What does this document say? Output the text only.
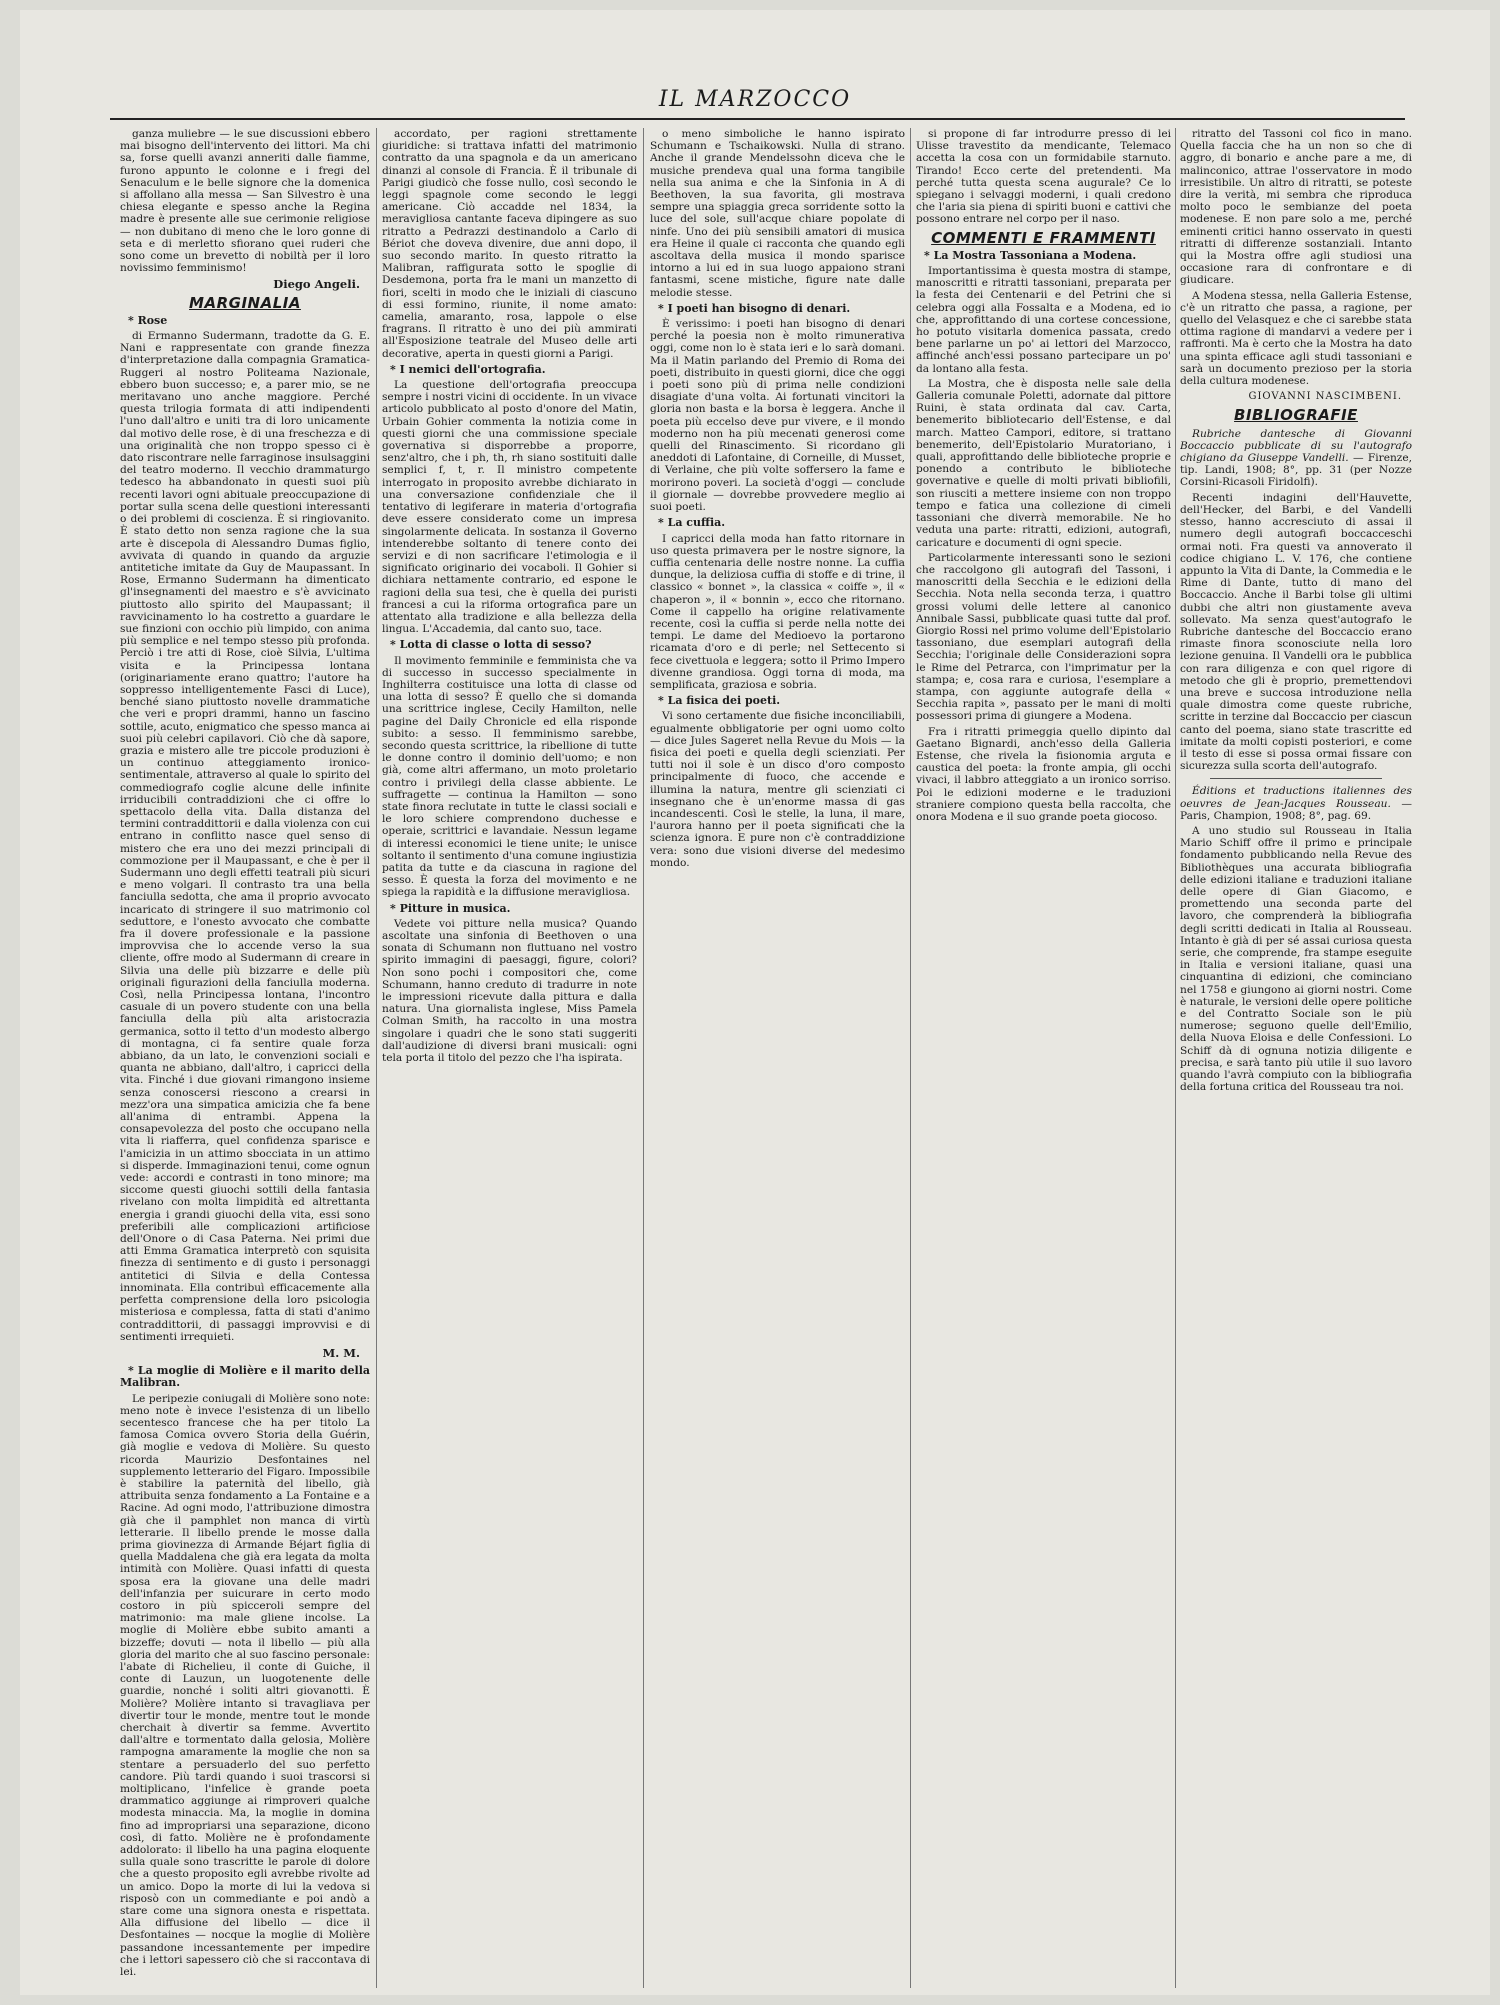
IL MARZOCCO

ganza muliebre — le sue discussioni ebbero mai bisogno dell'intervento dei littori. Ma chi sa, forse quelli avanzi anneriti dalle fiamme, furono appunto le colonne e i fregi del Senaculum e le belle signore che la domenica si affollano alla messa — San Silvestro è una chiesa elegante e spesso anche la Regina madre è presente alle sue cerimonie religiose — non dubitano di meno che le loro gonne di seta e di merletto sfiorano quei ruderi che sono come un brevetto di nobiltà per il loro novissimo femminismo!

Diego Angeli.
MARGINALIA
* Rose

di Ermanno Sudermann, tradotte da G. E. Nani e rappresentate con grande finezza d'interpretazione dalla compagnia Gramatica-Ruggeri al nostro Politeama Nazionale, ebbero buon successo; e, a parer mio, se ne meritavano uno anche maggiore. Perché questa trilogia formata di atti indipendenti l'uno dall'altro e uniti tra di loro unicamente dal motivo delle rose, è di una freschezza e di una originalità che non troppo spesso ci è dato riscontrare nelle farraginose insulsaggini del teatro moderno. Il vecchio drammaturgo tedesco ha abbandonato in questi suoi più recenti lavori ogni abituale preoccupazione di portar sulla scena delle questioni interessanti o dei problemi di coscienza. È si ringiovanito. È stato detto non senza ragione che la sua arte è discepola di Alessandro Dumas figlio, avvivata di quando in quando da arguzie antitetiche imitate da Guy de Maupassant. In Rose, Ermanno Sudermann ha dimenticato gl'insegnamenti del maestro e s'è avvicinato piuttosto allo spirito del Maupassant; il ravvicinamento lo ha costretto a guardare le sue finzioni con occhio più limpido, con anima più semplice e nel tempo stesso più profonda. Perciò i tre atti di Rose, cioè Silvia, L'ultima visita e la Principessa lontana (originariamente erano quattro; l'autore ha soppresso intelligentemente Fasci di Luce), benché siano piuttosto novelle drammatiche che veri e propri drammi, hanno un fascino sottile, acuto, enigmatico che spesso manca ai suoi più celebri capilavori. Ciò che dà sapore, grazia e mistero alle tre piccole produzioni è un continuo atteggiamento ironico-sentimentale, attraverso al quale lo spirito del commediografo coglie alcune delle infinite irriducibili contraddizioni che ci offre lo spettacolo della vita. Dalla distanza del termini contraddittorii e dalla violenza con cui entrano in conflitto nasce quel senso di mistero che era uno dei mezzi principali di commozione per il Maupassant, e che è per il Sudermann uno degli effetti teatrali più sicuri e meno volgari. Il contrasto tra una bella fanciulla sedotta, che ama il proprio avvocato incaricato di stringere il suo matrimonio col seduttore, e l'onesto avvocato che combatte fra il dovere professionale e la passione improvvisa che lo accende verso la sua cliente, offre modo al Sudermann di creare in Silvia una delle più bizzarre e delle più originali figurazioni della fanciulla moderna. Così, nella Principessa lontana, l'incontro casuale di un povero studente con una bella fanciulla della più alta aristocrazia germanica, sotto il tetto d'un modesto albergo di montagna, ci fa sentire quale forza abbiano, da un lato, le convenzioni sociali e quanta ne abbiano, dall'altro, i capricci della vita. Finché i due giovani rimangono insieme senza conoscersi riescono a crearsi in mezz'ora una simpatica amicizia che fa bene all'anima di entrambi. Appena la consapevolezza del posto che occupano nella vita li riafferra, quel confidenza sparisce e l'amicizia in un attimo sbocciata in un attimo si disperde. Immaginazioni tenui, come ognun vede: accordi e contrasti in tono minore; ma siccome questi giuochi sottili della fantasia rivelano con molta limpidità ed altrettanta energia i grandi giuochi della vita, essi sono preferibili alle complicazioni artificiose dell'Onore o di Casa Paterna. Nei primi due atti Emma Gramatica interpretò con squisita finezza di sentimento e di gusto i personaggi antitetici di Silvia e della Contessa innominata. Ella contribuì efficacemente alla perfetta comprensione della loro psicologia misteriosa e complessa, fatta di stati d'animo contraddittorii, di passaggi improvvisi e di sentimenti irrequieti.

M. M.
* La moglie di Molière e il marito della Malibran.

Le peripezie coniugali di Molière sono note: meno note è invece l'esistenza di un libello secentesco francese che ha per titolo La famosa Comica ovvero Storia della Guérin, già moglie e vedova di Molière. Su questo ricorda Maurizio Desfontaines nel supplemento letterario del Figaro. Impossibile è stabilire la paternità del libello, già attribuita senza fondamento a La Fontaine e a Racine. Ad ogni modo, l'attribuzione dimostra già che il pamphlet non manca di virtù letterarie. Il libello prende le mosse dalla prima giovinezza di Armande Béjart figlia di quella Maddalena che già era legata da molta intimità con Molière. Quasi infatti di questa sposa era la giovane una delle madri dell'infanzia per suicurare in certo modo costoro in più spicceroli sempre del matrimonio: ma male gliene incolse. La moglie di Molière ebbe subito amanti a bizzeffe; dovuti — nota il libello — più alla gloria del marito che al suo fascino personale: l'abate di Richelieu, il conte di Guiche, il conte di Lauzun, un luogotenente delle guardie, nonché i soliti altri giovanotti. È Molière? Molière intanto si travagliava per divertir tour le monde, mentre tout le monde cherchait à divertir sa femme. Avvertito dall'altre e tormentato dalla gelosia, Molière rampogna amaramente la moglie che non sa stentare a persuaderlo del suo perfetto candore. Più tardi quando i suoi trascorsi si moltiplicano, l'infelice è grande poeta drammatico aggiunge ai rimproveri qualche modesta minaccia. Ma, la moglie in domina fino ad impropriarsi una separazione, dicono così, di fatto. Molière ne è profondamente addolorato: il libello ha una pagina eloquente sulla quale sono trascritte le parole di dolore che a questo proposito egli avrebbe rivolte ad un amico. Dopo la morte di lui la vedova si risposò con un commediante e poi andò a stare come una signora onesta e rispettata. Alla diffusione del libello — dice il Desfontaines — nocque la moglie di Molière passandone incessantemente per impedire che i lettori sapessero ciò che si raccontava di lei.

accordato, per ragioni strettamente giuridiche: si trattava infatti del matrimonio contratto da una spagnola e da un americano dinanzi al console di Francia. È il tribunale di Parigi giudicò che fosse nullo, così secondo le leggi spagnole come secondo le leggi americane. Ciò accadde nel 1834, la meravigliosa cantante faceva dipingere as suo ritratto a Pedrazzi destinandolo a Carlo di Bériot che doveva divenire, due anni dopo, il suo secondo marito. In questo ritratto la Malibran, raffigurata sotto le spoglie di Desdemona, porta fra le mani un manzetto di fiori, scelti in modo che le iniziali di ciascuno di essi formino, riunite, il nome amato: camelia, amaranto, rosa, lappole o else fragrans. Il ritratto è uno dei più ammirati all'Esposizione teatrale del Museo delle arti decorative, aperta in questi giorni a Parigi.

* I nemici dell'ortografia.

La questione dell'ortografia preoccupa sempre i nostri vicini di occidente. In un vivace articolo pubblicato al posto d'onore del Matin, Urbain Gohier commenta la notizia come in questi giorni che una commissione speciale governativa si disporrebbe a proporre, senz'altro, che i ph, th, rh siano sostituiti dalle semplici f, t, r. Il ministro competente interrogato in proposito avrebbe dichiarato in una conversazione confidenziale che il tentativo di legiferare in materia d'ortografia deve essere considerato come un impresa singolarmente delicata. In sostanza il Governo intenderebbe soltanto di tenere conto dei servizi e di non sacrificare l'etimologia e il significato originario dei vocaboli. Il Gohier si dichiara nettamente contrario, ed espone le ragioni della sua tesi, che è quella dei puristi francesi a cui la riforma ortografica pare un attentato alla tradizione e alla bellezza della lingua. L'Accademia, dal canto suo, tace.

* Lotta di classe o lotta di sesso?

Il movimento femminile e femminista che va di successo in successo specialmente in Inghilterra costituisce una lotta di classe od una lotta di sesso? È quello che si domanda una scrittrice inglese, Cecily Hamilton, nelle pagine del Daily Chronicle ed ella risponde subito: a sesso. Il femminismo sarebbe, secondo questa scrittrice, la ribellione di tutte le donne contro il dominio dell'uomo; e non già, come altri affermano, un moto proletario contro i privilegi della classe abbiente. Le suffragette — continua la Hamilton — sono state finora reclutate in tutte le classi sociali e le loro schiere comprendono duchesse e operaie, scrittrici e lavandaie. Nessun legame di interessi economici le tiene unite; le unisce soltanto il sentimento d'una comune ingiustizia patita da tutte e da ciascuna in ragione del sesso. È questa la forza del movimento e ne spiega la rapidità e la diffusione meravigliosa.

* Pitture in musica.

Vedete voi pitture nella musica? Quando ascoltate una sinfonia di Beethoven o una sonata di Schumann non fluttuano nel vostro spirito immagini di paesaggi, figure, colori? Non sono pochi i compositori che, come Schumann, hanno creduto di tradurre in note le impressioni ricevute dalla pittura e dalla natura. Una giornalista inglese, Miss Pamela Colman Smith, ha raccolto in una mostra singolare i quadri che le sono stati suggeriti dall'audizione di diversi brani musicali: ogni tela porta il titolo del pezzo che l'ha ispirata.

o meno simboliche le hanno ispirato Schumann e Tschaikowski. Nulla di strano. Anche il grande Mendelssohn diceva che le musiche prendeva qual una forma tangibile nella sua anima e che la Sinfonia in A di Beethoven, la sua favorita, gli mostrava sempre una spiaggia greca sorridente sotto la luce del sole, sull'acque chiare popolate di ninfe. Uno dei più sensibili amatori di musica era Heine il quale ci racconta che quando egli ascoltava della musica il mondo sparisce intorno a lui ed in sua luogo appaiono strani fantasmi, scene mistiche, figure nate dalle melodie stesse.

* I poeti han bisogno di denari.

È verissimo: i poeti han bisogno di denari perché la poesia non è molto rimunerativa oggi, come non lo è stata ieri e lo sarà domani. Ma il Matin parlando del Premio di Roma dei poeti, distribuito in questi giorni, dice che oggi i poeti sono più di prima nelle condizioni disagiate d'una volta. Ai fortunati vincitori la gloria non basta e la borsa è leggera. Anche il poeta più eccelso deve pur vivere, e il mondo moderno non ha più mecenati generosi come quelli del Rinascimento. Si ricordano gli aneddoti di Lafontaine, di Corneille, di Musset, di Verlaine, che più volte soffersero la fame e morirono poveri. La società d'oggi — conclude il giornale — dovrebbe provvedere meglio ai suoi poeti.

* La cuffia.

I capricci della moda han fatto ritornare in uso questa primavera per le nostre signore, la cuffia centenaria delle nostre nonne. La cuffia dunque, la deliziosa cuffia di stoffe e di trine, il classico « bonnet », la classica « coiffe », il « chaperon », il « bonnin », ecco che ritornano. Come il cappello ha origine relativamente recente, così la cuffia si perde nella notte dei tempi. Le dame del Medioevo la portarono ricamata d'oro e di perle; nel Settecento si fece civettuola e leggera; sotto il Primo Impero divenne grandiosa. Oggi torna di moda, ma semplificata, graziosa e sobria.

* La fisica dei poeti.

Vi sono certamente due fisiche inconciliabili, egualmente obbligatorie per ogni uomo colto — dice Jules Sageret nella Revue du Mois — la fisica dei poeti e quella degli scienziati. Per tutti noi il sole è un disco d'oro composto principalmente di fuoco, che accende e illumina la natura, mentre gli scienziati ci insegnano che è un'enorme massa di gas incandescenti. Così le stelle, la luna, il mare, l'aurora hanno per il poeta significati che la scienza ignora. E pure non c'è contraddizione vera: sono due visioni diverse del medesimo mondo.

si propone di far introdurre presso di lei Ulisse travestito da mendicante, Telemaco accetta la cosa con un formidabile starnuto. Tirando! Ecco certe del pretendenti. Ma perché tutta questa scena augurale? Ce lo spiegano i selvaggi moderni, i quali credono che l'aria sia piena di spiriti buoni e cattivi che possono entrare nel corpo per il naso.

COMMENTI E FRAMMENTI
* La Mostra Tassoniana a Modena.

Importantissima è questa mostra di stampe, manoscritti e ritratti tassoniani, preparata per la festa dei Centenarii e del Petrini che si celebra oggi alla Fossalta e a Modena, ed io che, approfittando di una cortese concessione, ho potuto visitarla domenica passata, credo bene parlarne un po' ai lettori del Marzocco, affinché anch'essi possano partecipare un po' da lontano alla festa.

La Mostra, che è disposta nelle sale della Galleria comunale Poletti, adornate dal pittore Ruini, è stata ordinata dal cav. Carta, benemerito bibliotecario dell'Estense, e dal march. Matteo Campori, editore, si trattano benemerito, dell'Epistolario Muratoriano, i quali, approfittando delle biblioteche proprie e ponendo a contributo le biblioteche governative e quelle di molti privati bibliofili, son riusciti a mettere insieme con non troppo tempo e fatica una collezione di cimeli tassoniani che diverrà memorabile. Ne ho veduta una parte: ritratti, edizioni, autografi, caricature e documenti di ogni specie.

Particolarmente interessanti sono le sezioni che raccolgono gli autografi del Tassoni, i manoscritti della Secchia e le edizioni della Secchia. Nota nella seconda terza, i quattro grossi volumi delle lettere al canonico Annibale Sassi, pubblicate quasi tutte dal prof. Giorgio Rossi nel primo volume dell'Epistolario tassoniano, due esemplari autografi della Secchia; l'originale delle Considerazioni sopra le Rime del Petrarca, con l'imprimatur per la stampa; e, cosa rara e curiosa, l'esemplare a stampa, con aggiunte autografe della « Secchia rapita », passato per le mani di molti possessori prima di giungere a Modena.

Fra i ritratti primeggia quello dipinto dal Gaetano Bignardi, anch'esso della Galleria Estense, che rivela la fisionomia arguta e caustica del poeta: la fronte ampia, gli occhi vivaci, il labbro atteggiato a un ironico sorriso. Poi le edizioni moderne e le traduzioni straniere compiono questa bella raccolta, che onora Modena e il suo grande poeta giocoso.

ritratto del Tassoni col fico in mano. Quella faccia che ha un non so che di aggro, di bonario e anche pare a me, di malinconico, attrae l'osservatore in modo irresistibile. Un altro di ritratti, se poteste dire la verità, mi sembra che riproduca molto poco le sembianze del poeta modenese. E non pare solo a me, perché eminenti critici hanno osservato in questi ritratti di differenze sostanziali. Intanto qui la Mostra offre agli studiosi una occasione rara di confrontare e di giudicare.

A Modena stessa, nella Galleria Estense, c'è un ritratto che passa, a ragione, per quello del Velasquez e che ci sarebbe stata ottima ragione di mandarvi a vedere per i raffronti. Ma è certo che la Mostra ha dato una spinta efficace agli studi tassoniani e sarà un documento prezioso per la storia della cultura modenese.

GIOVANNI NASCIMBENI.
BIBLIOGRAFIE

Rubriche dantesche di Giovanni Boccaccio pubblicate di su l'autografo chigiano da Giuseppe Vandelli. — Firenze, tip. Landi, 1908; 8°, pp. 31 (per Nozze Corsini-Ricasoli Firidolfi).

Recenti indagini dell'Hauvette, dell'Hecker, del Barbi, e del Vandelli stesso, hanno accresciuto di assai il numero degli autografi boccacceschi ormai noti. Fra questi va annoverato il codice chigiano L. V. 176, che contiene appunto la Vita di Dante, la Commedia e le Rime di Dante, tutto di mano del Boccaccio. Anche il Barbi tolse gli ultimi dubbi che altri non giustamente aveva sollevato. Ma senza quest'autografo le Rubriche dantesche del Boccaccio erano rimaste finora sconosciute nella loro lezione genuina. Il Vandelli ora le pubblica con rara diligenza e con quel rigore di metodo che gli è proprio, premettendovi una breve e succosa introduzione nella quale dimostra come queste rubriche, scritte in terzine dal Boccaccio per ciascun canto del poema, siano state trascritte ed imitate da molti copisti posteriori, e come il testo di esse si possa ormai fissare con sicurezza sulla scorta dell'autografo.

Éditions et traductions italiennes des oeuvres de Jean-Jacques Rousseau. — Paris, Champion, 1908; 8°, pag. 69.

A uno studio sul Rousseau in Italia Mario Schiff offre il primo e principale fondamento pubblicando nella Revue des Bibliothèques una accurata bibliografia delle edizioni italiane e traduzioni italiane delle opere di Gian Giacomo, e promettendo una seconda parte del lavoro, che comprenderà la bibliografia degli scritti dedicati in Italia al Rousseau. Intanto è già di per sé assai curiosa questa serie, che comprende, fra stampe eseguite in Italia e versioni italiane, quasi una cinquantina di edizioni, che cominciano nel 1758 e giungono ai giorni nostri. Come è naturale, le versioni delle opere politiche e del Contratto Sociale son le più numerose; seguono quelle dell'Emilio, della Nuova Eloisa e delle Confessioni. Lo Schiff dà di ognuna notizia diligente e precisa, e sarà tanto più utile il suo lavoro quando l'avrà compiuto con la bibliografia della fortuna critica del Rousseau tra noi.
